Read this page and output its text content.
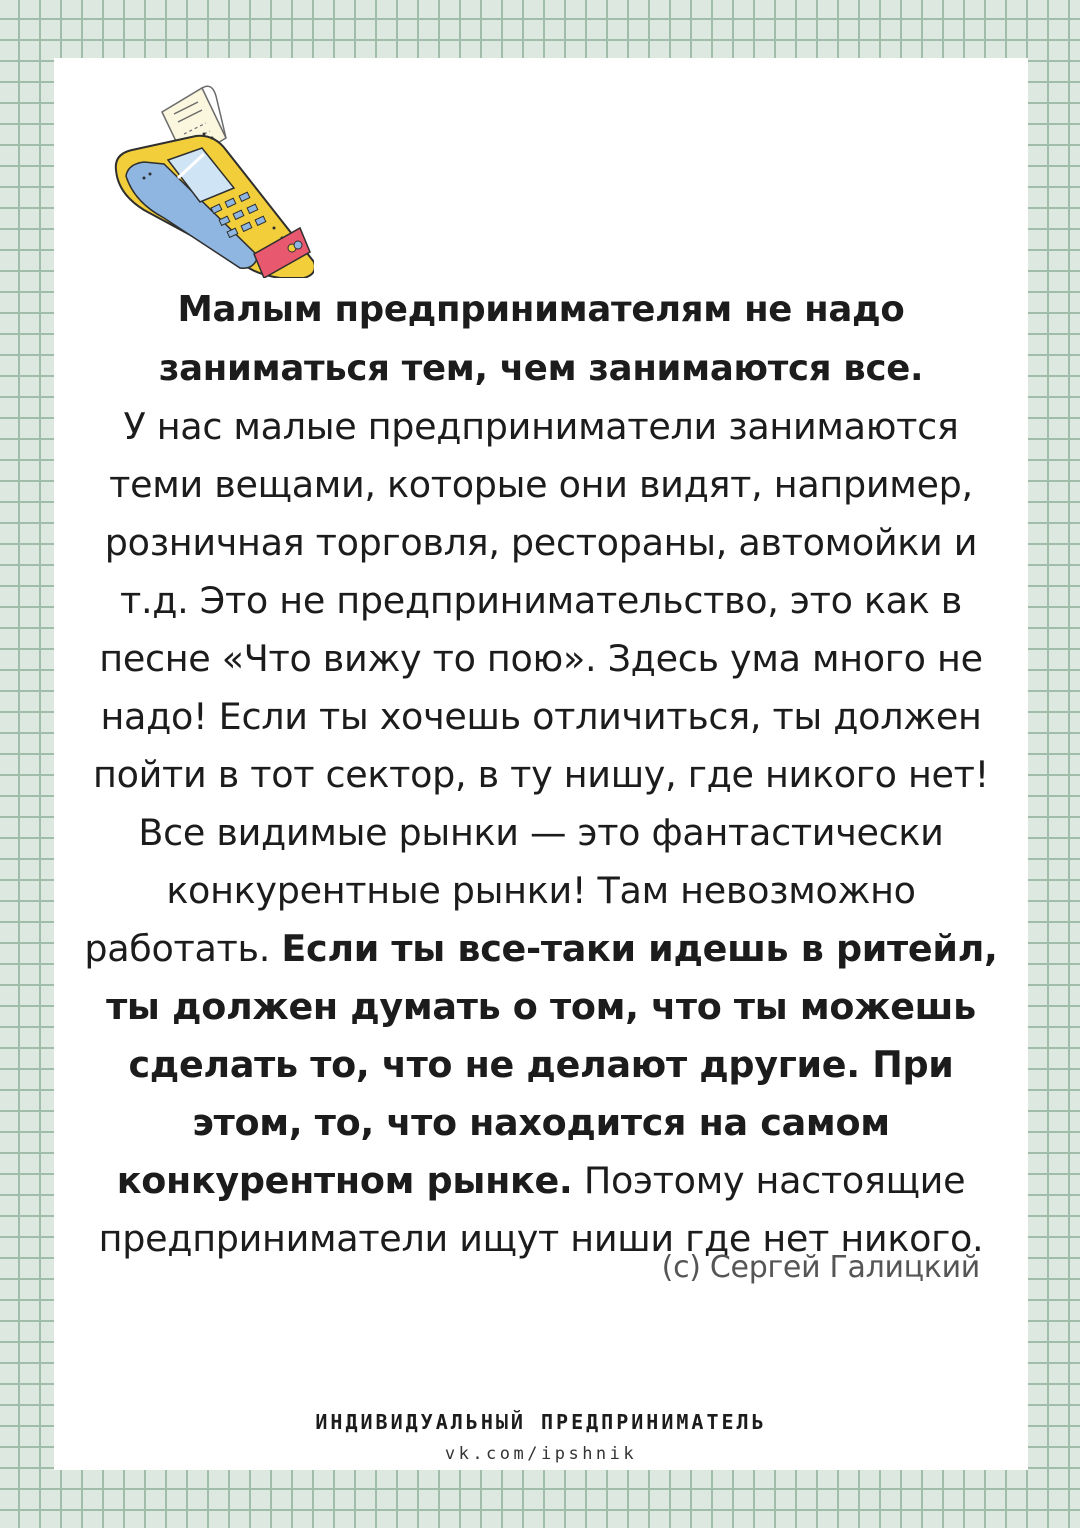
Малым предпринимателям не надо заниматься тем, чем занимаются все.
У нас малые предприниматели занимаются теми вещами, которые они видят, например, розничная торговля, рестораны, автомойки и т.д. Это не предпринимательство, это как в песне «Что вижу то пою». Здесь ума много не надо! Если ты хочешь отличиться, ты должен пойти в тот сектор, в ту нишу, где никого нет! Все видимые рынки — это фантастически конкурентные рынки! Там невозможно работать. Если ты все-таки идешь в ритейл, ты должен думать о том, что ты можешь сделать то, что не делают другие. При этом, то, что находится на самом конкурентном рынке. Поэтому настоящие предприниматели ищут ниши где нет никого.

(с) Сергей Галицкий
ИНДИВИДУАЛЬНЫЙ ПРЕДПРИНИМАТЕЛЬ
vk.com/ipshnik
